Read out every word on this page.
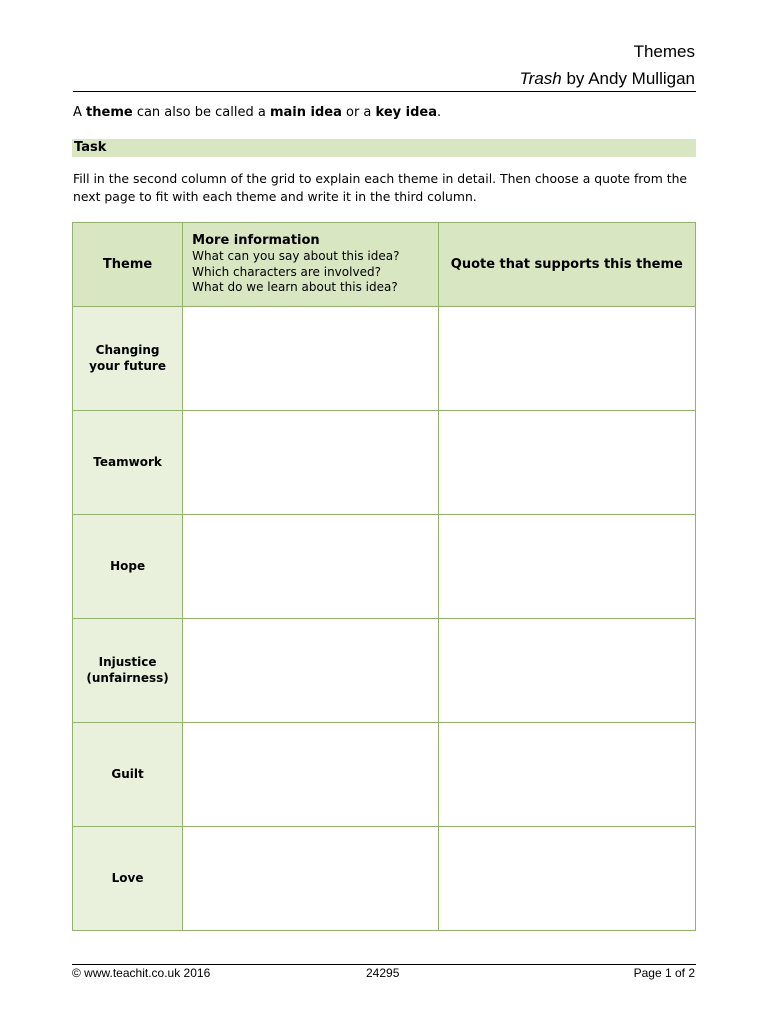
Themes
Trash by Andy Mulligan

A theme can also be called a main idea or a key idea.

Task

Fill in the second column of the grid to explain each theme in detail. Then choose a quote from the next page to fit with each theme and write it in the third column.

Theme	More information
What can you say about this idea?
Which characters are involved?
What do we learn about this idea?	Quote that supports this theme
Changing your future		
Teamwork		
Hope		
Injustice (unfairness)		
Guilt		
Love		
© www.teachit.co.uk 2016	24295	Page 1 of 2
